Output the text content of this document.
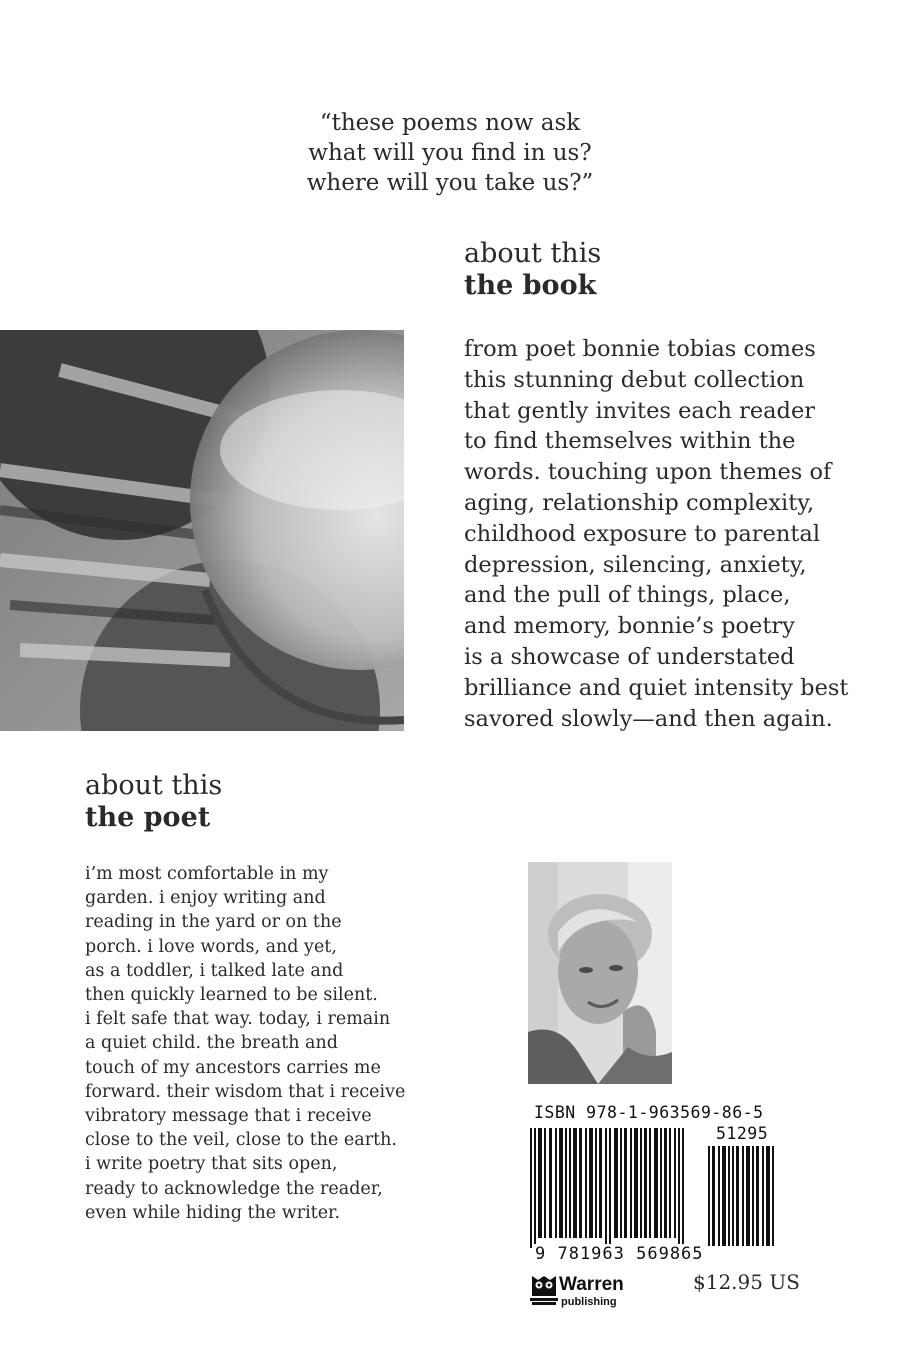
“these poems now ask
what will you find in us?
where will you take us?”
about this
the book
from poet bonnie tobias comes
this stunning debut collection
that gently invites each reader
to find themselves within the
words. touching upon themes of
aging, relationship complexity,
childhood exposure to parental
depression, silencing, anxiety,
and the pull of things, place,
and memory, bonnie’s poetry
is a showcase of understated
brilliance and quiet intensity best
savored slowly—and then again.
about this
the poet
i’m most comfortable in my
garden. i enjoy writing and
reading in the yard or on the
porch. i love words, and yet,
as a toddler, i talked late and
then quickly learned to be silent.
i felt safe that way. today, i remain
a quiet child. the breath and
touch of my ancestors carries me
forward. their wisdom that i receive
vibratory message that i receive
close to the veil, close to the earth.
i write poetry that sits open,
ready to acknowledge the reader,
even while hiding the writer.
ISBN 978-1-963569-86-5
51295
9 781963 569865
Warren
publishing
$12.95 US
